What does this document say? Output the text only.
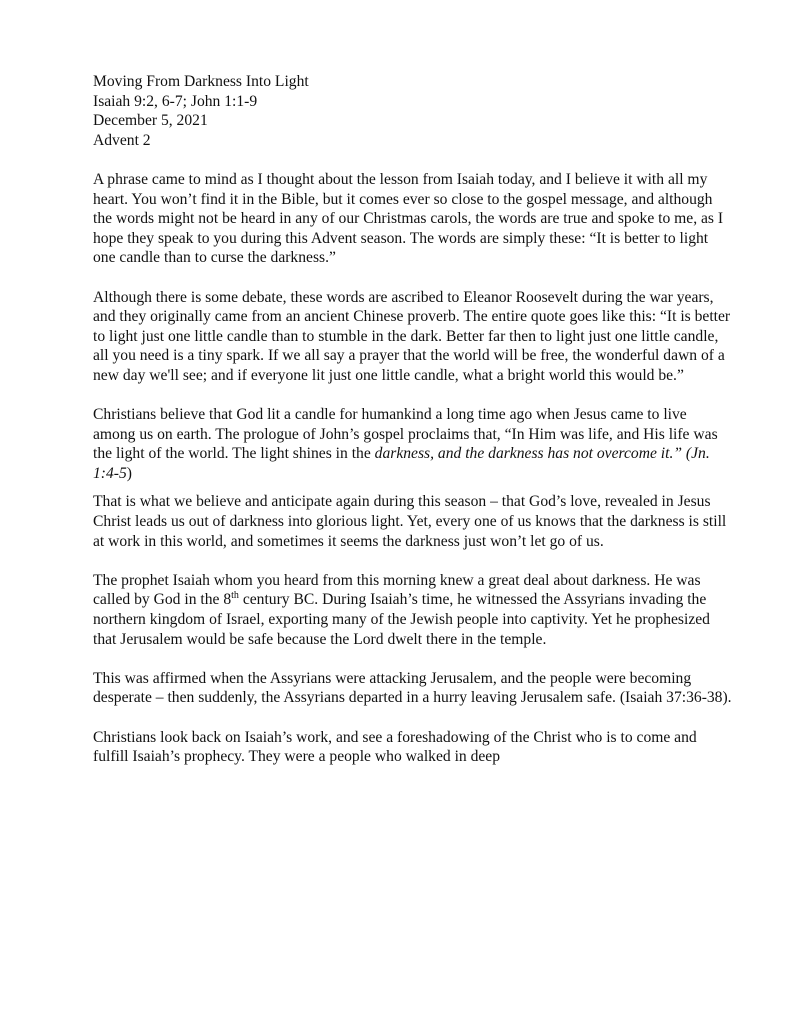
Moving From Darkness Into Light
Isaiah 9:2, 6-7; John 1:1-9
December 5, 2021
Advent 2

A phrase came to mind as I thought about the lesson from Isaiah today, and I believe it with all my heart. You won’t find it in the Bible, but it comes ever so close to the gospel message, and although the words might not be heard in any of our Christmas carols, the words are true and spoke to me, as I hope they speak to you during this Advent season. The words are simply these: “It is better to light one candle than to curse the darkness.”

Although there is some debate, these words are ascribed to Eleanor Roosevelt during the war years, and they originally came from an ancient Chinese proverb. The entire quote goes like this: “It is better to light just one little candle than to stumble in the dark. Better far then to light just one little candle, all you need is a tiny spark. If we all say a prayer that the world will be free, the wonderful dawn of a new day we'll see; and if everyone lit just one little candle, what a bright world this would be.”

Christians believe that God lit a candle for humankind a long time ago when Jesus came to live among us on earth. The prologue of John’s gospel proclaims that, “In Him was life, and His life was the light of the world. The light shines in the darkness, and the darkness has not overcome it.” (Jn. 1:4-5)

That is what we believe and anticipate again during this season – that God’s love, revealed in Jesus Christ leads us out of darkness into glorious light. Yet, every one of us knows that the darkness is still at work in this world, and sometimes it seems the darkness just won’t let go of us.

The prophet Isaiah whom you heard from this morning knew a great deal about darkness. He was called by God in the 8th century BC. During Isaiah’s time, he witnessed the Assyrians invading the northern kingdom of Israel, exporting many of the Jewish people into captivity. Yet he prophesized that Jerusalem would be safe because the Lord dwelt there in the temple.

This was affirmed when the Assyrians were attacking Jerusalem, and the people were becoming desperate – then suddenly, the Assyrians departed in a hurry leaving Jerusalem safe. (Isaiah 37:36-38).

Christians look back on Isaiah’s work, and see a foreshadowing of the Christ who is to come and fulfill Isaiah’s prophecy. They were a people who walked in deep
